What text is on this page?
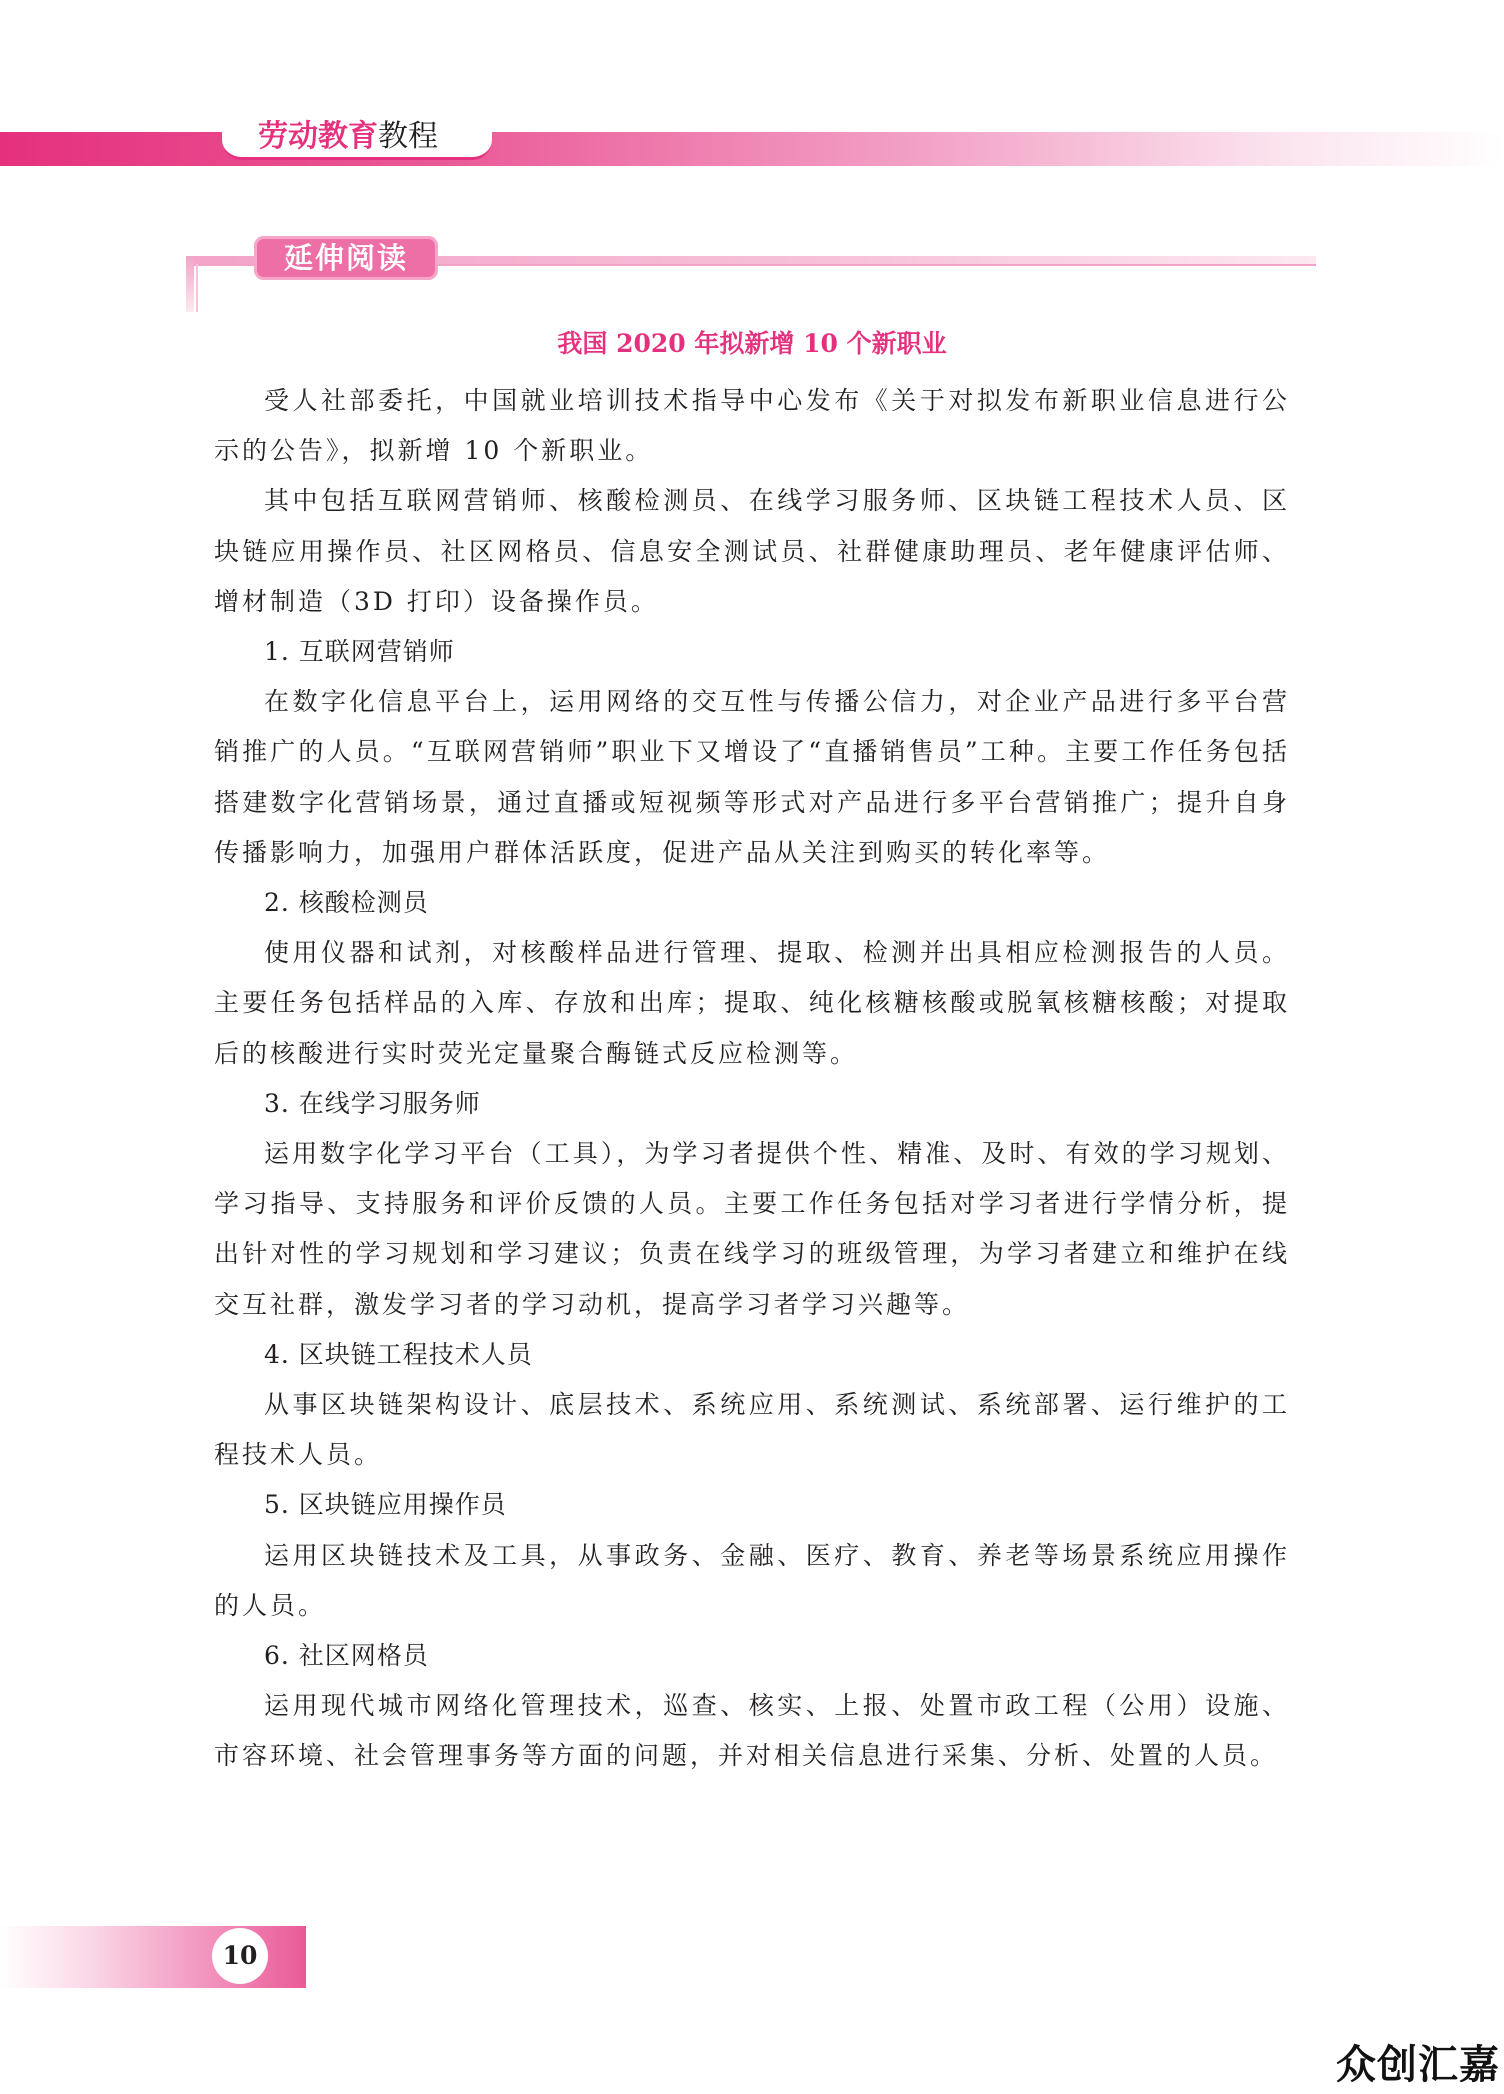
劳动教育教程
延伸阅读
我国 2020 年拟新增 10 个新职业

受人社部委托，中国就业培训技术指导中心发布《关于对拟发布新职业信息进行公示的公告》，拟新增 10 个新职业。

其中包括互联网营销师、核酸检测员、在线学习服务师、区块链工程技术人员、区块链应用操作员、社区网格员、信息安全测试员、社群健康助理员、老年健康评估师、增材制造（3D 打印）设备操作员。

1. 互联网营销师

在数字化信息平台上，运用网络的交互性与传播公信力，对企业产品进行多平台营销推广的人员。“互联网营销师”职业下又增设了“直播销售员”工种。主要工作任务包括搭建数字化营销场景，通过直播或短视频等形式对产品进行多平台营销推广；提升自身传播影响力，加强用户群体活跃度，促进产品从关注到购买的转化率等。

2. 核酸检测员

使用仪器和试剂，对核酸样品进行管理、提取、检测并出具相应检测报告的人员。主要任务包括样品的入库、存放和出库；提取、纯化核糖核酸或脱氧核糖核酸；对提取后的核酸进行实时荧光定量聚合酶链式反应检测等。

3. 在线学习服务师

运用数字化学习平台（工具），为学习者提供个性、精准、及时、有效的学习规划、学习指导、支持服务和评价反馈的人员。主要工作任务包括对学习者进行学情分析，提出针对性的学习规划和学习建议；负责在线学习的班级管理，为学习者建立和维护在线交互社群，激发学习者的学习动机，提高学习者学习兴趣等。

4. 区块链工程技术人员

从事区块链架构设计、底层技术、系统应用、系统测试、系统部署、运行维护的工程技术人员。

5. 区块链应用操作员

运用区块链技术及工具，从事政务、金融、医疗、教育、养老等场景系统应用操作的人员。

6. 社区网格员

运用现代城市网络化管理技术，巡查、核实、上报、处置市政工程（公用）设施、市容环境、社会管理事务等方面的问题，并对相关信息进行采集、分析、处置的人员。

10
众创汇嘉
